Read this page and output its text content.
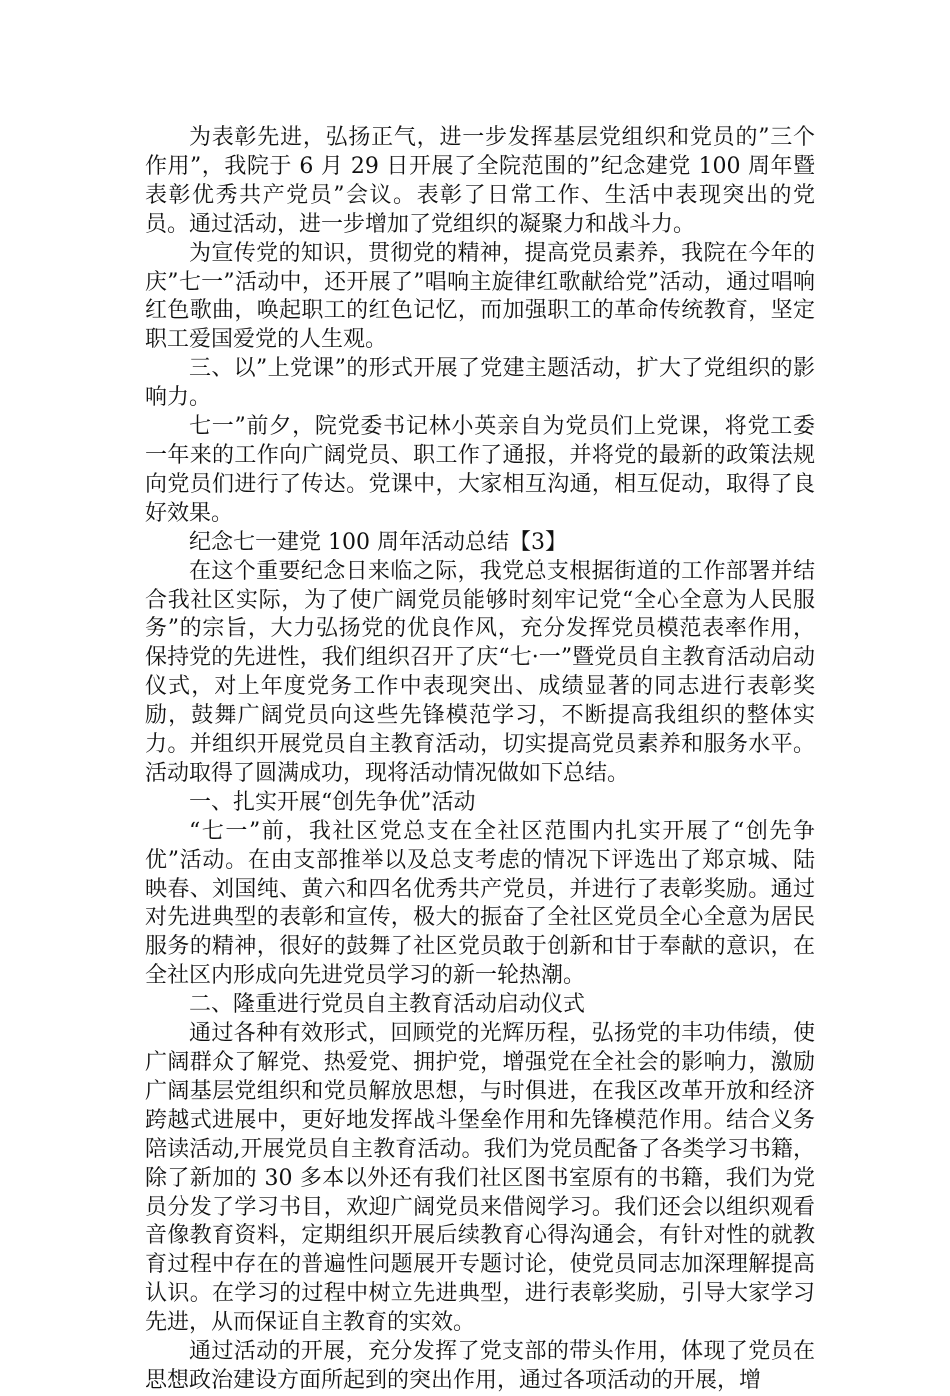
为表彰先进，弘扬正气，进一步发挥基层党组织和党员的”三个作用”，我院于 6 月 29 日开展了全院范围的”纪念建党 100 周年暨表彰优秀共产党员”会议。表彰了日常工作、生活中表现突出的党员。通过活动，进一步增加了党组织的凝聚力和战斗力。

为宣传党的知识，贯彻党的精神，提高党员素养，我院在今年的庆”七一”活动中，还开展了”唱响主旋律红歌献给党”活动，通过唱响红色歌曲，唤起职工的红色记忆，而加强职工的革命传统教育，坚定职工爱国爱党的人生观。

三、以”上党课”的形式开展了党建主题活动，扩大了党组织的影响力。

七一”前夕，院党委书记林小英亲自为党员们上党课，将党工委一年来的工作向广阔党员、职工作了通报，并将党的最新的政策法规向党员们进行了传达。党课中，大家相互沟通，相互促动，取得了良好效果。

纪念七一建党 100 周年活动总结【3】

在这个重要纪念日来临之际，我党总支根据街道的工作部署并结合我社区实际，为了使广阔党员能够时刻牢记党“全心全意为人民服务”的宗旨，大力弘扬党的优良作风，充分发挥党员模范表率作用，保持党的先进性，我们组织召开了庆“七·一”暨党员自主教育活动启动仪式，对上年度党务工作中表现突出、成绩显著的同志进行表彰奖励，鼓舞广阔党员向这些先锋模范学习，不断提高我组织的整体实力。并组织开展党员自主教育活动，切实提高党员素养和服务水平。活动取得了圆满成功，现将活动情况做如下总结。

一、扎实开展“创先争优”活动

“七一”前，我社区党总支在全社区范围内扎实开展了“创先争优”活动。在由支部推举以及总支考虑的情况下评选出了郑京城、陆映春、刘国纯、黄六和四名优秀共产党员，并进行了表彰奖励。通过对先进典型的表彰和宣传，极大的振奋了全社区党员全心全意为居民服务的精神，很好的鼓舞了社区党员敢于创新和甘于奉献的意识，在全社区内形成向先进党员学习的新一轮热潮。

二、隆重进行党员自主教育活动启动仪式

通过各种有效形式，回顾党的光辉历程，弘扬党的丰功伟绩，使广阔群众了解党、热爱党、拥护党，增强党在全社会的影响力，激励广阔基层党组织和党员解放思想，与时俱进，在我区改革开放和经济跨越式进展中，更好地发挥战斗堡垒作用和先锋模范作用。结合义务陪读活动,开展党员自主教育活动。我们为党员配备了各类学习书籍，除了新加的 30 多本以外还有我们社区图书室原有的书籍，我们为党员分发了学习书目，欢迎广阔党员来借阅学习。我们还会以组织观看音像教育资料，定期组织开展后续教育心得沟通会，有针对性的就教育过程中存在的普遍性问题展开专题讨论，使党员同志加深理解提高认识。在学习的过程中树立先进典型，进行表彰奖励，引导大家学习先进，从而保证自主教育的实效。

通过活动的开展，充分发挥了党支部的带头作用，体现了党员在思想政治建设方面所起到的突出作用，通过各项活动的开展，增
